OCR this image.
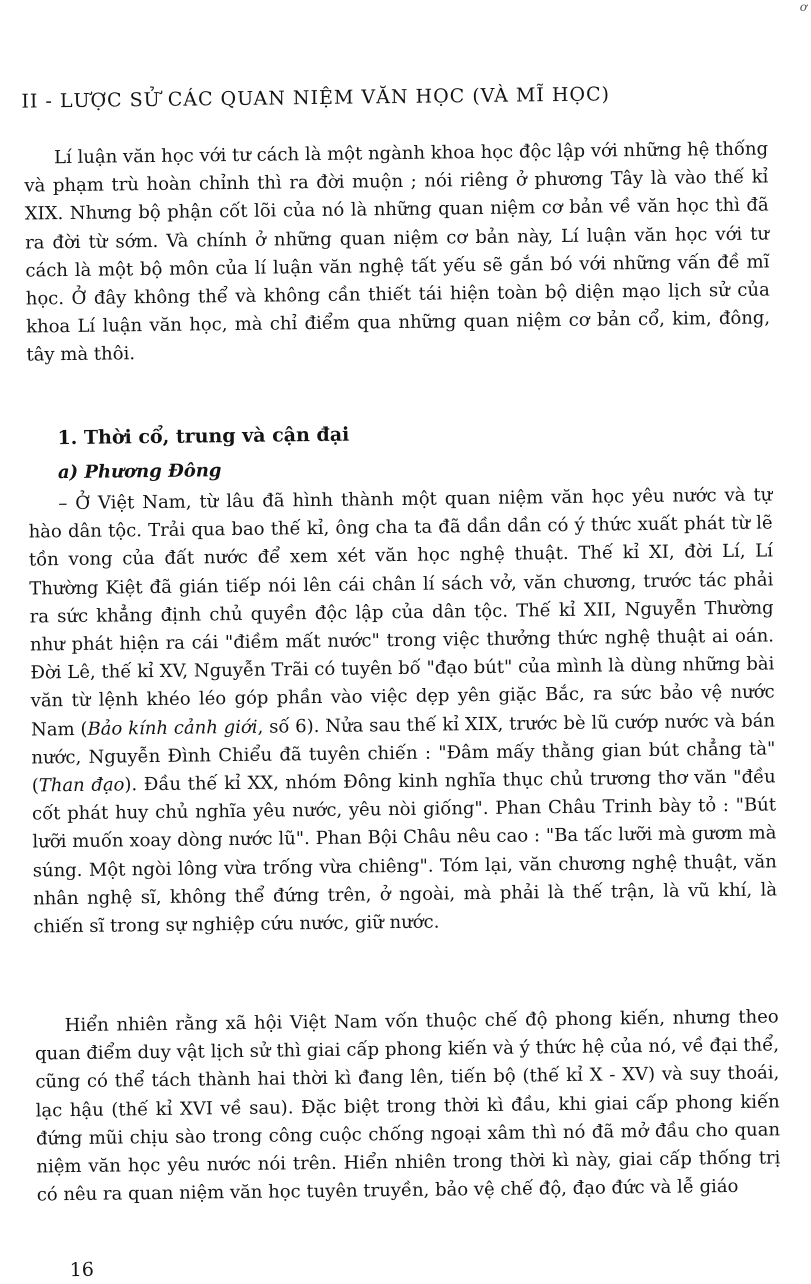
II - LƯỢC SỬ CÁC QUAN NIỆM VĂN HỌC (VÀ MĨ HỌC)

Lí luận văn học với tư cách là một ngành khoa học độc lập với những hệ thống và phạm trù hoàn chỉnh thì ra đời muộn ; nói riêng ở phương Tây là vào thế kỉ XIX. Nhưng bộ phận cốt lõi của nó là những quan niệm cơ bản về văn học thì đã ra đời từ sớm. Và chính ở những quan niệm cơ bản này, Lí luận văn học với tư cách là một bộ môn của lí luận văn nghệ tất yếu sẽ gắn bó với những vấn đề mĩ học. Ở đây không thể và không cần thiết tái hiện toàn bộ diện mạo lịch sử của khoa Lí luận văn học, mà chỉ điểm qua những quan niệm cơ bản cổ, kim, đông, tây mà thôi.

1. Thời cổ, trung và cận đại
a) Phương Đông

– Ở Việt Nam, từ lâu đã hình thành một quan niệm văn học yêu nước và tự hào dân tộc. Trải qua bao thế kỉ, ông cha ta đã dần dần có ý thức xuất phát từ lẽ tồn vong của đất nước để xem xét văn học nghệ thuật. Thế kỉ XI, đời Lí, Lí Thường Kiệt đã gián tiếp nói lên cái chân lí sách vở, văn chương, trước tác phải ra sức khẳng định chủ quyền độc lập của dân tộc. Thế kỉ XII, Nguyễn Thường như phát hiện ra cái "điềm mất nước" trong việc thưởng thức nghệ thuật ai oán. Đời Lê, thế kỉ XV, Nguyễn Trãi có tuyên bố "đạo bút" của mình là dùng những bài văn từ lệnh khéo léo góp phần vào việc dẹp yên giặc Bắc, ra sức bảo vệ nước Nam (Bảo kính cảnh giới, số 6). Nửa sau thế kỉ XIX, trước bè lũ cướp nước và bán nước, Nguyễn Đình Chiểu đã tuyên chiến : "Đâm mấy thằng gian bút chẳng tà" (Than đạo). Đầu thế kỉ XX, nhóm Đông kinh nghĩa thục chủ trương thơ văn "đều cốt phát huy chủ nghĩa yêu nước, yêu nòi giống". Phan Châu Trinh bày tỏ : "Bút lưỡi muốn xoay dòng nước lũ". Phan Bội Châu nêu cao : "Ba tấc lưỡi mà gươm mà súng. Một ngòi lông vừa trống vừa chiêng". Tóm lại, văn chương nghệ thuật, văn nhân nghệ sĩ, không thể đứng trên, ở ngoài, mà phải là thế trận, là vũ khí, là chiến sĩ trong sự nghiệp cứu nước, giữ nước.

Hiển nhiên rằng xã hội Việt Nam vốn thuộc chế độ phong kiến, nhưng theo quan điểm duy vật lịch sử thì giai cấp phong kiến và ý thức hệ của nó, về đại thể, cũng có thể tách thành hai thời kì đang lên, tiến bộ (thế kỉ X - XV) và suy thoái, lạc hậu (thế kỉ XVI về sau). Đặc biệt trong thời kì đầu, khi giai cấp phong kiến đứng mũi chịu sào trong công cuộc chống ngoại xâm thì nó đã mở đầu cho quan niệm văn học yêu nước nói trên. Hiển nhiên trong thời kì này, giai cấp thống trị có nêu ra quan niệm văn học tuyên truyền, bảo vệ chế độ, đạo đức và lễ giáo

16
ơ
